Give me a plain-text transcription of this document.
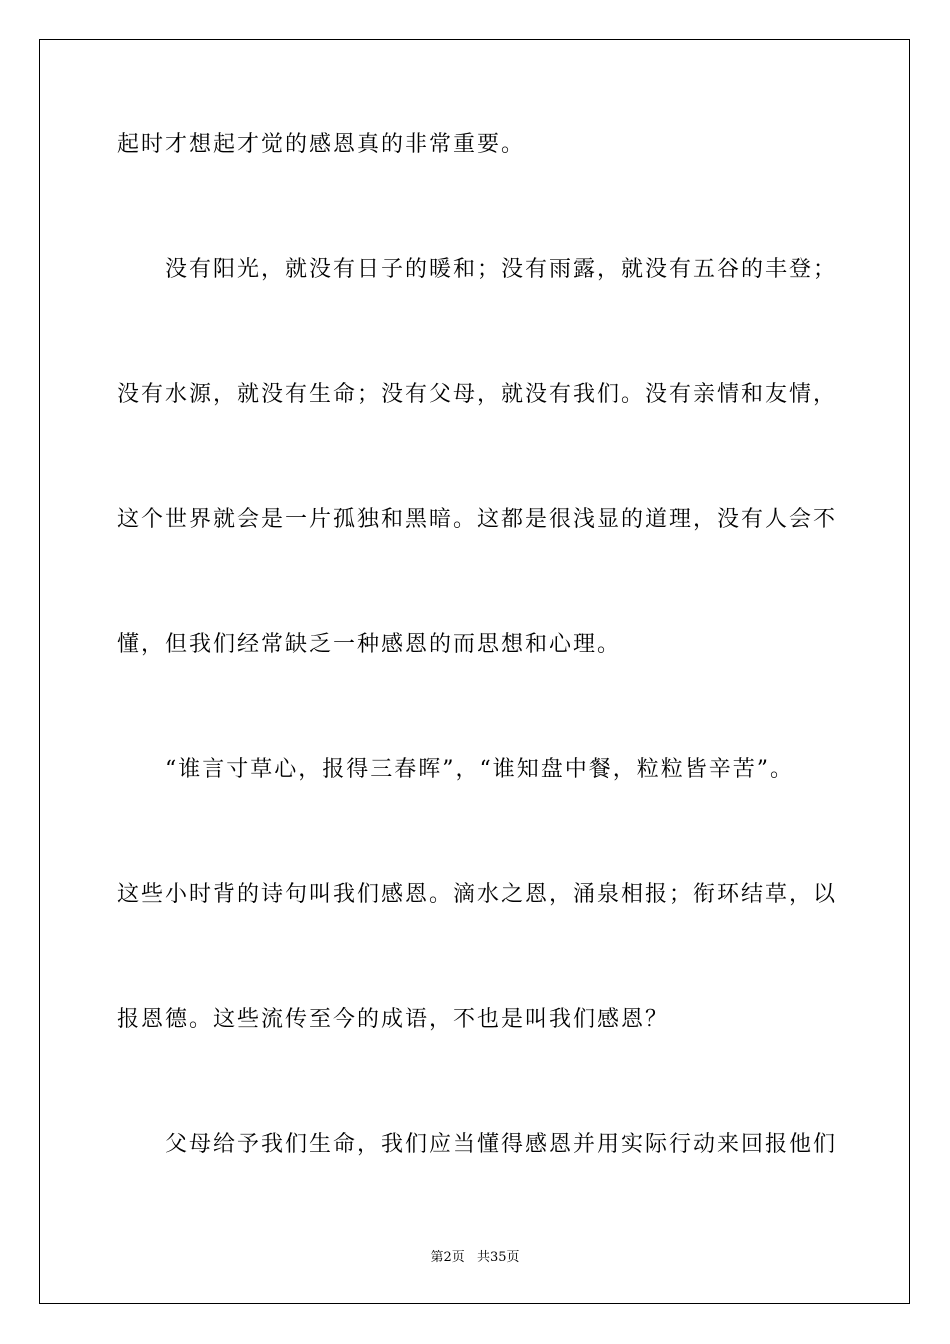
起时才想起才觉的感恩真的非常重要。

没有阳光，就没有日子的暖和；没有雨露，就没有五谷的丰登；

没有水源，就没有生命；没有父母，就没有我们。没有亲情和友情，

这个世界就会是一片孤独和黑暗。这都是很浅显的道理，没有人会不

懂，但我们经常缺乏一种感恩的而思想和心理。

“谁言寸草心，报得三春晖”，“谁知盘中餐，粒粒皆辛苦”。

这些小时背的诗句叫我们感恩。滴水之恩，涌泉相报；衔环结草，以

报恩德。这些流传至今的成语，不也是叫我们感恩？

父母给予我们生命，我们应当懂得感恩并用实际行动来回报他们

第2页 共35页
